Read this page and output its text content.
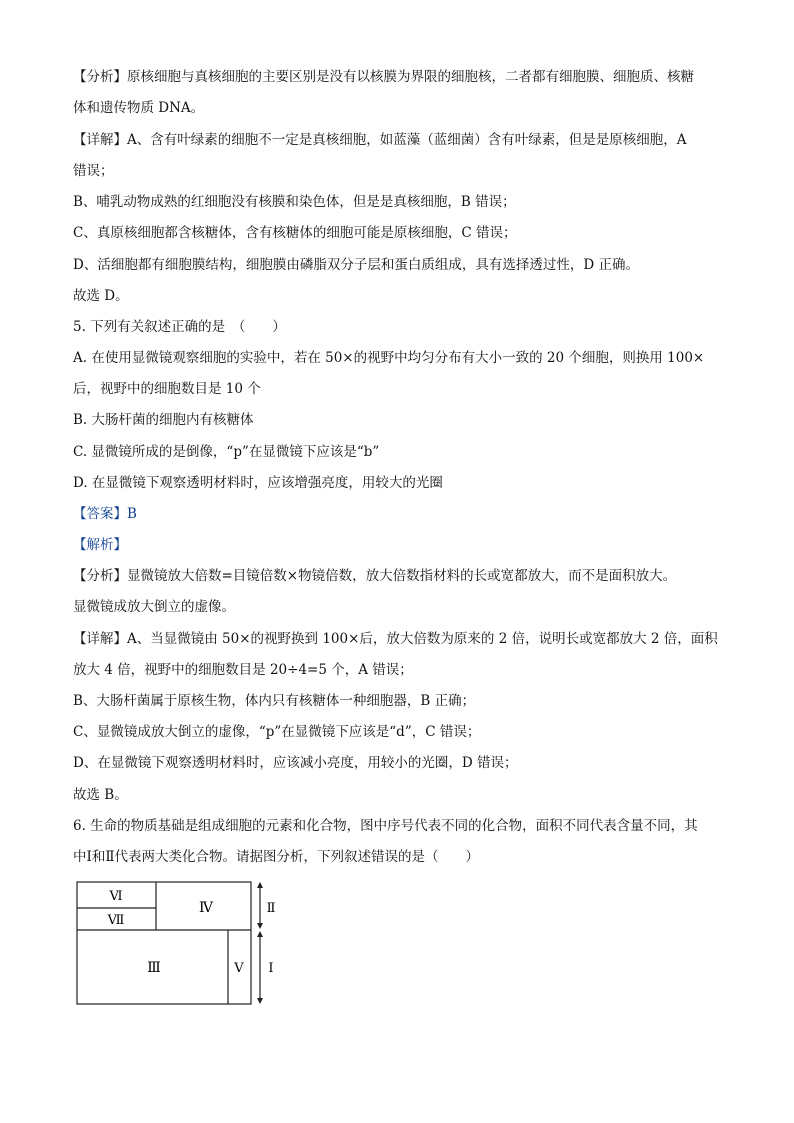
【分析】原核细胞与真核细胞的主要区别是没有以核膜为界限的细胞核，二者都有细胞膜、细胞质、核糖
体和遗传物质 DNA。
【详解】A、含有叶绿素的细胞不一定是真核细胞，如蓝藻（蓝细菌）含有叶绿素，但是是原核细胞，A
错误；
B、哺乳动物成熟的红细胞没有核膜和染色体，但是是真核细胞，B 错误；
C、真原核细胞都含核糖体，含有核糖体的细胞可能是原核细胞，C 错误；
D、活细胞都有细胞膜结构，细胞膜由磷脂双分子层和蛋白质组成，具有选择透过性，D 正确。
故选 D。
5. 下列有关叙述正确的是　（　　）
A. 在使用显微镜观察细胞的实验中，若在 50×的视野中均匀分布有大小一致的 20 个细胞，则换用 100×
后，视野中的细胞数目是 10 个
B. 大肠杆菌的细胞内有核糖体
C. 显微镜所成的是倒像，“p”在显微镜下应该是“b”
D. 在显微镜下观察透明材料时，应该增强亮度，用较大的光圈
【答案】B
【解析】
【分析】显微镜放大倍数=目镜倍数×物镜倍数，放大倍数指材料的长或宽都放大，而不是面积放大。
显微镜成放大倒立的虚像。
【详解】A、当显微镜由 50×的视野换到 100×后，放大倍数为原来的 2 倍，说明长或宽都放大 2 倍，面积
放大 4 倍，视野中的细胞数目是 20÷4=5 个，A 错误；
B、大肠杆菌属于原核生物，体内只有核糖体一种细胞器，B 正确；
C、显微镜成放大倒立的虚像，“p”在显微镜下应该是“d”，C 错误；
D、在显微镜下观察透明材料时，应该减小亮度，用较小的光圈，D 错误；
故选 B。
6. 生命的物质基础是组成细胞的元素和化合物，图中序号代表不同的化合物，面积不同代表含量不同，其
中Ⅰ和Ⅱ代表两大类化合物。请据图分析，下列叙述错误的是（　　）
Ⅵ
Ⅶ
Ⅳ
Ⅲ	Ⅴ
Ⅱ
Ⅰ
